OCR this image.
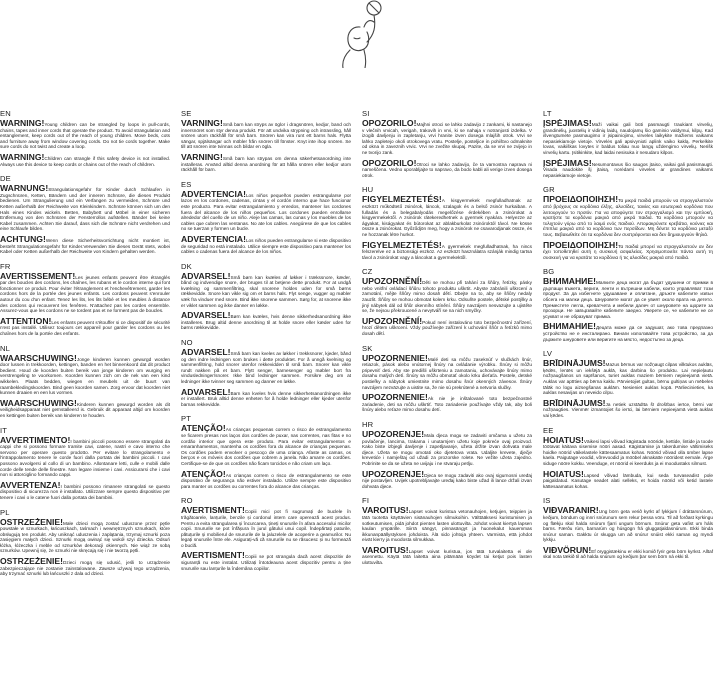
EN

WARNING!Young children can be strangled by loops in pull-cords, chains, tapes and inner cords that operate the product. To avoid strangulation and entanglement, keep cords out of the reach of young children. Move beds, cots and furniture away from window covering cords. Do not tie cords together. Make sure cords do not twist and create a loop.

WARNING!Children can strangle if this safety device is not installed. Always use this device to keep cords or chains out of the reach of children.

DE

WARNUNG!Strangulationsgefahr für Kinder durch Schlaufen in Zugschnüren, Ketten, Bändern und der inneren Schnüre, die dieses Produkt bedienen. Um Strangulierung und ein Verfangen zu vermeiden, Schnüre und Ketten außerhalb der Reichweite von Kleinkindern. Schnüre können sich um den Hals eines Kindes wickeln. Betten, Babybett und Möbel in einer sicheren Entfernung von den Schnüren der Fensterrollos aufstellen. Bänder bei keine Kabel zusammen. Achten Sie darauf, dass sich die Schnüre nicht verdrehen und eine Schlaufe bilden.

ACHTUNG!Wenn diese Sicherheitsvorrichtung nicht montiert ist, besteht Strangulationsgefahr für Kinder.Verwenden Sie dieses Gerät stets, wobei Kabel oder Ketten außerhalb der Reichweite von Kindern gehalten werden.

FR

AVERTISSEMENT!Les jeunes enfants peuvent être étranglés par des boucles des cordons, les chaînes, les rubans et le cordon interne qui font fonctionner ce produit. Pour éviter l'étranglement et l'enchevêtrement, garder les cordons hors de la portée des jeunes enfants. Les cordons peuvent s'enrouler autour du cou d'un enfant. Tenez les lits, les lits bébé et les meubles à distance des cordons qui recouvrent les fenêtres. N'attachez pas les cordes ensemble. Assurez-vous que les cordons ne se tordent pas et ne forment pas de boucles.

ATTENTION!Les enfants peuvent s'étouffer si ce dispositif de sécurité n'est pas installé. Utilisez toujours cet appareil pour garder les cordons ou les chaînes hors de la portée des enfants.

NL

WAARSCHUWING!Jonge kinderen kunnen gewurgd worden door lussen in trekkoorden, kettingen, banden en het binnenkoord dat dit product bedient. Houd de koorden buiten bereik van jonge kinderen om wurging en verstrengeling te voorkomen. Koorden kunnen zich om de nek van een kind wikkelen. Plaats bedden, wiegen en meubels uit de buurt van raambekledingskoorden. Bind geen koorden samen. Zorg ervoor dat koorden niet kunnen draaien en een lus vormen.

WAARSCHUWING!Kinderen kunnen gewurgd worden als dit veiligheidsapparaat niet geïnstalleerd is. Gebruik dit apparaat altijd om koorden en kettingen buiten bereik van kinderen te houden.

IT

AVVERTIMENTO!I bambini piccoli possono essere strangolati da cappi che si possono formare tramite cavi, catene, nastri e cavo interno che servono per operare questo prodotto. Per evitare lo strangolamento e l'intrappolamento tenere le corde fuori dalla portata dei bambini piccoli. I cavi possono avvolgersi al collo di un bambino. Allontanare letti, culle e mobili dalle corde delle tende delle finestre. Non legare insieme i cavi. Assicurarsi che i cavi non si attorciglino formando cappi.

AVVERTENZA!I bambini possono rimanere strangolati se questo dispositivo di sicurezza non è installato. Utilizzare sempre questo dispositivo per tenere i cavi o le catene fuori dalla portata dei bambini.

PL

OSTRZEŻENIE!Małe dzieci mogą zostać uduszone przez pętle powstałe w sznurkach, łańcuszkach, taśmach i wewnętrznych sznurkach, które obsługują ten produkt. Aby uniknąć uduszenia i zaplątania, trzymaj sznurki poza zasięgiem małych dzieci. Sznurki mogą owinąć się wokół szyi dziecka. Odsuń łóżka, łóżeczka i meble od sznurków dekoracji okiennych. Nie wiąż ze sobą sznurków. Upewnij się, że sznurki nie skręcają się i nie tworzą pętli.

OSTRZEŻENIE!Dzieci mogą się udusić, jeśli to urządzenie zabezpieczające nie zostanie zainstalowane. Zawsze używaj tego urządzenia, aby trzymać sznurki lub łańcuszki z dala od dzieci.

SE

VARNING!Små barn kan stryps av öglor i dragsnören, kedjor, band och innersnöret som styr denna produkt. För att undvika strypning och intrassling, håll snören utom räckhåll för små barn. Snören kan vira runt ett barns hals. Flytta sängar, spjälsängar och möbler från snören till fönster. Knyt inte ihop snören. Se till att snören inte tvinnas och bildar en ögla.

VARNING!Små barn kan strypas om denna säkerhetsanordning inte installeras. Använd alltid denna anordning för att hålla snören eller kedjor utom räckhåll för barn.

ES

ADVERTENCIA!Los niños pequeños pueden estrangularse por lazos en los cordones, cadenas, cintas y el cordón interno que hace funcionar este producto. Para evitar estrangulamiento y enredos, mantener los cordones fuera del alcance de los niños pequeños. Los cordones pueden enrollarse alrededor del cuello de un niño. Aleje las camas, las cunas y los muebles de los cables que cubren las ventanas. No ate los cables. Asegúrese de que los cables no se tuerzan y formen un bucle.

ADVERTENCIA!Los niños pueden estrangularse si este dispositivo de seguridad no está instalado. Utilice siempre este dispositivo para mantener los cables o cadenas fuera del alcance de los niños.

DK

ADVARSEL!Små børn kan kvæles af løkker i trækssnore, kæder, bånd og indvendige snore, der bruges til at betjene dette produkt. For at undgå kvælning og sammenfiltring, skal snorene holdes uden for små børns rækkevidde. Snore kan vikle sig om et barns hals. Flyt senge, vugger og møbler væk fra vinduer med snore. Bind ikke snorene sammen. Sørg for, at snorene ikke er viklet sammen og ikke danner en løkke.

ADVARSEL!Børn kan kvæles, hvis denne sikkerhedsanordning ikke installeres. Brug altid denne anordning til at holde snore eller kæder uden for børns rækkevidde.

NO

ADVARSEL!Små barn kan kveles av løkker i trekksnorer, kjeder, bånd og den indre ledningen som brukes i dette produktet. For å unngå kvelning og sammenfiltring, hold snorer utenfor rekkevidden til små barn. Snorer kan vikle rundt nakken på et barn. Flytt senger, barnesenger og møbler bort fra vindusledninger/snorer. Ikke bind ledninger sammen. Forsikre deg om at ledninger ikke tvinner seg sammen og danner en løkke.

ADVARSEL!Barn kan kveles hvis denne sikkerhetsanordningen ikke er installert. Bruk alltid denne enheten for å holde ledninger eller kjeder utenfor barnas rekkevidde.

PT

ATENÇÃO!As crianças pequenas correm o risco de estrangulamento se ficarem presas nos laços dos cordões de puxar, nas correntes, nas fitas e no cordão interior que opera este produto. Para evitar estrangulamentos e emaranhamentos, mantenha os cordões fora do alcance de crianças pequenas. Os cordões podem envolver o pescoço de uma criança. Afaste as camas, os berços e os móveis dos cordões que cobrem a janela. Não amarre os cordões. Certifique-se de que os cordões não ficam torcidos e não criam um laço.

ATENÇÃO!As crianças correm o risco de estrangulamento se este dispositivo de segurança não estiver instalado. Utilize sempre este dispositivo para manter os cordões ou correntes fora do alcance das crianças.

RO

AVERTISMENT!Copiii mici pot fi sugrumați de buclele în trăgătoarele, lanțurile, benzile și cordonul intern care operează acest produs. Pentru a evita strangularea și încurcarea, țineți snururile în afara accesului micilor copii. Snururile se pot înfășura în jurul gâtului unui copil. Îndepărtați paturile, pătuțurile și mobilierul de snururile de la jaluzelele de acoperire a geamurilor. Nu legați snururile între ele. Asigurați-vă că snururile nu se răsucesc și nu formează o buclă.

AVERTISMENT!Copiii se pot strangula dacă acest dispozitiv de siguranță nu este instalat. Utilizați întotdeauna acest dispozitiv pentru a ține snururile sau lanțurile la îndemâna copiilor.

SI

OPOZORILO!Majhni otroci se lahko zadavijo z zankami, ki nastanejo v vlečnih vrvicah, verigah, trakovih in vrvi, ki se nahaja v notranjosti izdelka. V izogib davljenju in zapletanju, vrvi hranite izven dosega mlajših otrok. Vrvi se lahko zapletejo okoli otrokovega vratu. Postelje, posteljice in pohištvo odmaknite od okna in zaveznih vrvic. Vrvi ne zvežite skupaj. Pazite, da se vrvi ne zvijejo in ne tvorijo zank.

OPOZORILO!Otroci se lahko zadavijo, če ta varnostna naprava ni nameščena. Vedno uporabljajte to napravo, da bodo kabli ali verige izven dosega otrok.

HU

FIGYELMEZTETÉS!A kisgyermekek megfulladhatnak az eszközt működtető zsinórok, láncok, szalagok és a belső zsinór hurkaiban. A fulladás és a belegabalyodás megelőzése érdekében a zsinórokat a kisgyermekektől. A zsinórok rátekeredhetnek a gyermek nyakára. Helyezze az ágyakat, kiságyakat és bútorokat az ablakburkolat zsinóroktól távol. Ne kösse össze a zsinórokat. Győződjön meg, hogy a zsinórok ne csavarodjanak össze, és ne hozzanak létre hurkot.

FIGYELMEZTETÉS!A gyermekek megfulladhatnak, ha nincs felszerelve ez a biztonsági eszköz. Az eszközt használatra szánják mindig tartsa távol a zsinórokat vagy a láncokat a gyermekektől.

CZ

UPOZORNĚNÍ!Děti se mohou při tahání za šňůry, řetízky, pásky nebo vnitřní ovládací šňůru tohoto produktu uškrtit. Abyste zabránili uškrcení a zamotání, mějte šňůry mimo dosah dětí. Dbejte na to, aby se šňůry nedaly zauzlit. Šňůry se mohou obmotat kolem krku. Odsuňte postele, dětské postýlky a jiný nábytek dál od šňůr okenního stínění. Šňůry navzájem nesvazujte a ujistěte se, že nejsou překroucené a nevytváří se na nich smyčky.

UPOZORNĚNÍ!Pokud není instalováno toto bezpečnostní zařízení, hrozí dětem uškrcení. Vždy používejte zařízení k uchování šňůr a řetízků mimo dosah dětí.

SK

UPOZORNENIE!Malé deti sa môžu zaseknúť v slučkách šnúr, retiazok, pások alebo vnútornej šnúry na ovládanie výrobku. Šnúry si môžu pripevniť deti. Aby ste predišli uškrteniu a zamotaniu, uchovávajte šnúry mimo dosahu malých detí. Šnúry sa môžu obmotať okolo krku dieťaťa. Postele, detské postieľky a nábytok umiestnite mimo dosahu šnúr okenných závesov. Šnúry navzájem nezväzujte a uistite sa, že nie sú prekrútené a netvoria slučky.

UPOZORNENIE!Ak nie je inštalované toto bezpečnostné zariadenie, deti sa môžu uškrtiť. Toto zariadenie používajte vždy tak, aby boli šnúry alebo reťaze mimo dosahu detí.

HR

UPOZORENJE!Mala djeca mogu se zadaviti omčama u užetu za povlačenje, lancima, trakama i unutarnjem užetu koje pokreće ovaj proizvod. Kako biste izbjegli davljenje i zapetljavanje, užeta držite izvan dohvata male djece. Užeta se mogu omotati oko djetetova vrata. Udaljite krevete, dječje krevetiće i namještaj od užadi za prozorske rolete. Ne vežite užeta zajedno. Pobrinite se da se užeta ne uvijaju i ne stvaraju petlju.

UPOZORENJE!Djeca se mogu zadaviti ako ovaj sigurnosni uređaj nije postavljen. Uvijek upotrebljavajte uređaj kako biste užad ili lance držali izvan dohvata djece.

FI

VAROITUS!Lapset voivat kuristua vetonauhojen, ketjujen, teippien ja tätä tuotetta käyttävien sisänauhojen silmukoihin. Välttääksesi kuristumisen ja sotkeutumisen, pidä johdot pienten lasten ulottuvilta. Johdot voivat kiertyä lapsen kaulan ympärille. Siirrä sängyt, pinnasängyt ja huonekalut kauemmas ikkunanpäällystyksen johdoista. Älä sido johtoja yhteen. Varmista, että johdot eivät kierry ja muodosta silmukkaa.

VAROITUS!Lapset voivat kuristua, jos tätä turvalaitetta ei ole asennettu. Käytä tätä laitetta aina pitämään köydet tai ketjut pois lasten ulottuvilta.

LT

ĮSPĖJIMAS!Maži vaikai gali būti pasmaugti traukiant virvelių, grandinėlių, juostelių ir vidinių laidų, naudojamų šio gaminio valdymui, kilpų. Kad išvengtumėte pasmaugimo ir įsipainiojimo, virveles laikykite mažiems vaikams nepasiekiamoje vietoje. Virvelės gali apsivynioti aplink vaiko kaklą. Perkelkite lovas, vaikiškas lovytes ir baldus toliau nuo langų uždengimo virvelių. Nerišk virvelių kartu. Įsitikinkite, kad laidai nesisuka ir nesudaro kilpos.

ĮSPĖJIMAS!Nesumontavus šio saugos įtaiso, vaikai gali pasismaugti. Visada naudokite šį įtaisą, norėdami virveles ar grandines vaikams nepasiekiamoje vietoje.

GR

ΠΡΟΕΙΔΟΠΟΙΗΣΗ!Τα μικρά παιδιά μπορούν να στραγγαλιστούν από βρόχους σε κορδόνια έλξης, αλυσίδες, ταινίες και εσωτερικά κορδόνια που λειτουργούν το προϊόν. Για να αποφύγετε τον στραγγαλισμό και την εμπλοκή, κρατήστε τα κορδόνια μακριά από μικρά παιδιά. Τα κορδόνια μπορούν να τυλιχτούν γύρω από το λαιμό ενός παιδιού. Απομακρύνετε κρεβάτια, κούνιες και έπιπλα μακριά από τα κορδόνια των περσίδων. Μη δένετε τα κορδόνια μεταξύ τους. Βεβαιωθείτε ότι τα κορδόνια δεν συστρέφονται και δεν δημιουργούν θηλιά.

ΠΡΟΕΙΔΟΠΟΙΗΣΗ!Τα παιδιά μπορεί να στραγγαλιστούν αν δεν έχει τοποθετηθεί αυτή η συσκευή ασφαλείας. Χρησιμοποιείτε πάντα αυτή τη συσκευή για να κρατάτε τα κορδόνια ή τις αλυσίδες μακριά από παιδιά.

BG

ВНИМАНИЕ!Малките деца могат да бъдат удушени от примки в дърпащи въжета, вериги, ленти и вътрешни кабели, които управляват този продукт. За да избегнете удушаване и оплитане, дръжте кабелите извън обсега на малки деца. Шнуровете могат да се увият около врата на детето. Преместете легла, креватчета и мебели далеч от шнуровете на щорите за прозорци. Не завързвайте кабелите заедно. Уверете се, че кабелите не се усукват и не образуват примка.

ВНИМАНИЕ!Децата може да се задушат, ако това предпазно устройство не е инсталирано. Винаги използвайте това устройство, за да държите шнуровете или веригите на място, недостъпно за деца.

LV

BRĪDINĀJUMS!Mazus bērnus var nožņaugt cilpas vilktukos auklās, ķēdēs, lentēs un iekšējā auklā, kas darbina šo produktu. Lai nepieļautu nožņaugšanos un sapīšanos, turiet auklas maziem bērniem nepieejamā vietā. Auklas var aptīties ap bērna kaklu. Pārvietojiet gultas, bērnu gultiņas un mēbeles tālāk no logu aizsegšanas auklām. Nesieniet auklas kopā. Pārliecinieties, ka auklas nesavijas un neveido cilpu.

BRĪDINĀJUMS!Ja netiek uzstādīta šī drošības ierīce, bērni var nožņaugties. Vienmēr izmantojiet šo ierīci, lai bērniem nepieejamā vietā auklas vai ķēdes.

EE

HOIATUS!Väikesi lapsi võivad kägistada nööride, kettide, lintide ja toode töötavat käitava sisemise nööri aasad. Kägistamise ja takerdumise vältimiseks hoidke nöörid väikelastele kättesaamatus kohas. Nöörid võivad olla ümber lapse kaela. Paigutage voodid, võrevoodid ja mööbel aknakatte nööridest eemale. Ärge siduge nööre kokku. Veenduge, et nöörid ei keerduks ja ei moodustaks silmust.

HOIATUS!Lapsed võivad lämbuda, kui seda turvaseadist pole paigaldatud. Kasutage seadet alati selleks, et hoida nöörid või ketid lastele kättesaamatus kohas.

IS

VIÐVARANIR!Ung börn geta verið kyrkt af lykkjum í dráttarsnúrum, keðjum, böndum og innri snúrunum sem rekur þessa vöru. Til að forðast kyrkingu og flækju skal halda snúrum fjarri ungum börnum. Snúrur geta vafist um háls barns. Færðu rúm, barnarúm og húsgögn frá gluggatjaldasnúrum. Ekki binda snúrur saman. Gakktu úr skugga um að snúrur snúist ekki saman og myndi lykkju.

VIÐVÖRUN!Ef öryggistækinu er ekki komið fyrir geta börn kyrkst. Alltaf skal nota tækið til að halda snúrum og keðjum þar sem börn ná ekki til.
